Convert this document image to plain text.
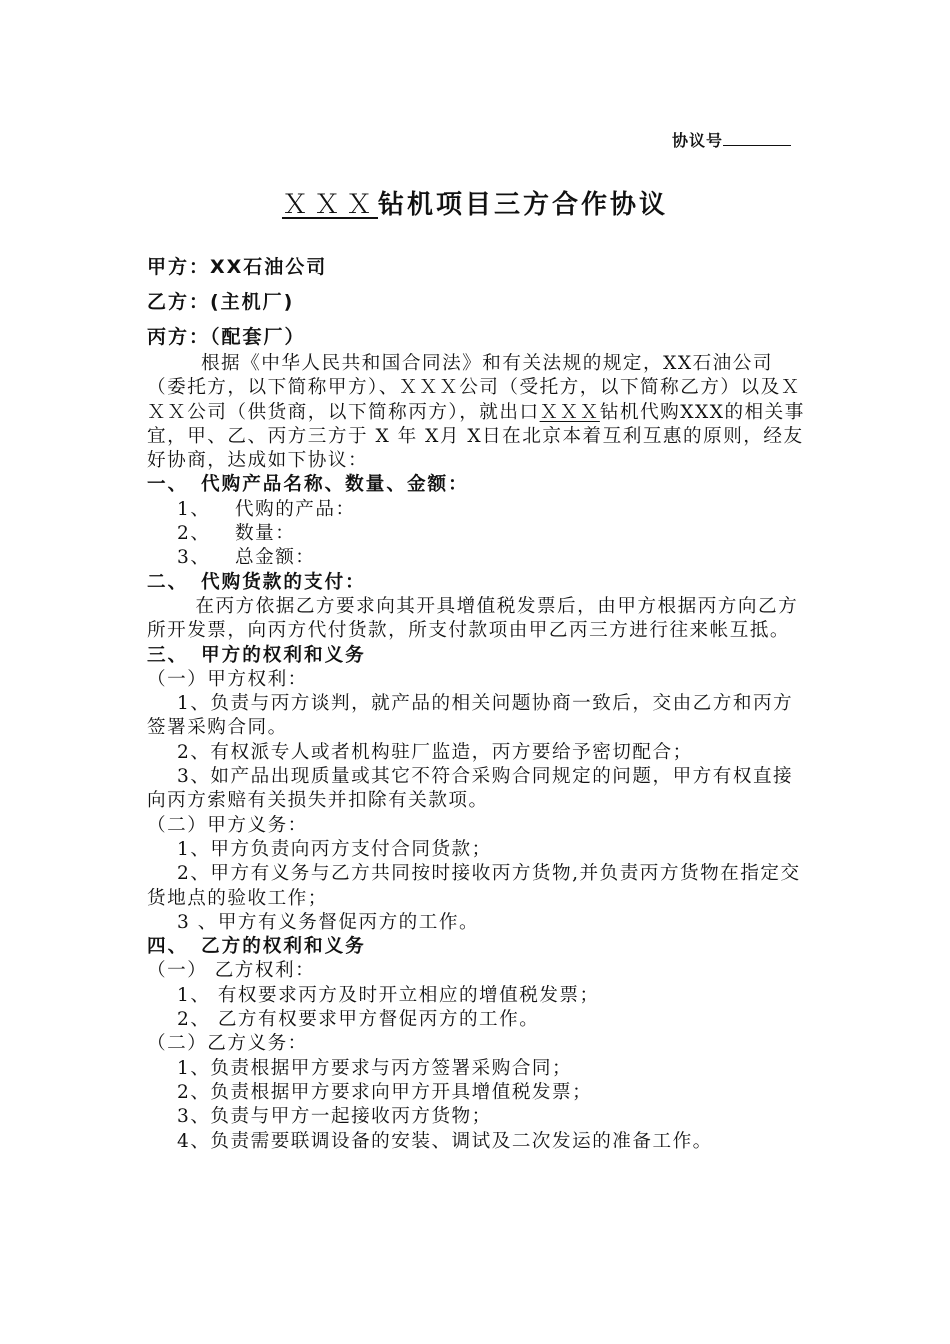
协议号
ＸＸＸ钻机项目三方合作协议
甲方：XX石油公司
乙方：(主机厂)
丙方：（配套厂）

根据《中华人民共和国合同法》和有关法规的规定，XX石油公司（委托方，以下简称甲方）、ＸＸＸ公司（受托方，以下简称乙方）以及ＸＸＸ公司（供货商，以下简称丙方），就出口ＸＸＸ钻机代购XXX的相关事宜，甲、乙、丙方三方于 X 年 X月 X日在北京本着互利互惠的原则，经友好协商，达成如下协议：

一、 代购产品名称、数量、金额：

1、 代购的产品：

2、 数量：

3、 总金额：

二、 代购货款的支付：

在丙方依据乙方要求向其开具增值税发票后，由甲方根据丙方向乙方所开发票，向丙方代付货款，所支付款项由甲乙丙三方进行往来帐互抵。

三、 甲方的权利和义务

（一）甲方权利：

1、负责与丙方谈判，就产品的相关问题协商一致后，交由乙方和丙方签署采购合同。

2、有权派专人或者机构驻厂监造，丙方要给予密切配合；

3、如产品出现质量或其它不符合采购合同规定的问题，甲方有权直接向丙方索赔有关损失并扣除有关款项。

（二）甲方义务：

1、甲方负责向丙方支付合同货款；

2、甲方有义务与乙方共同按时接收丙方货物,并负责丙方货物在指定交货地点的验收工作；

3 、甲方有义务督促丙方的工作。

四、 乙方的权利和义务

（一） 乙方权利：

1、 有权要求丙方及时开立相应的增值税发票；

2、 乙方有权要求甲方督促丙方的工作。

（二）乙方义务：

1、负责根据甲方要求与丙方签署采购合同；

2、负责根据甲方要求向甲方开具增值税发票；

3、负责与甲方一起接收丙方货物；

4、负责需要联调设备的安装、调试及二次发运的准备工作。
